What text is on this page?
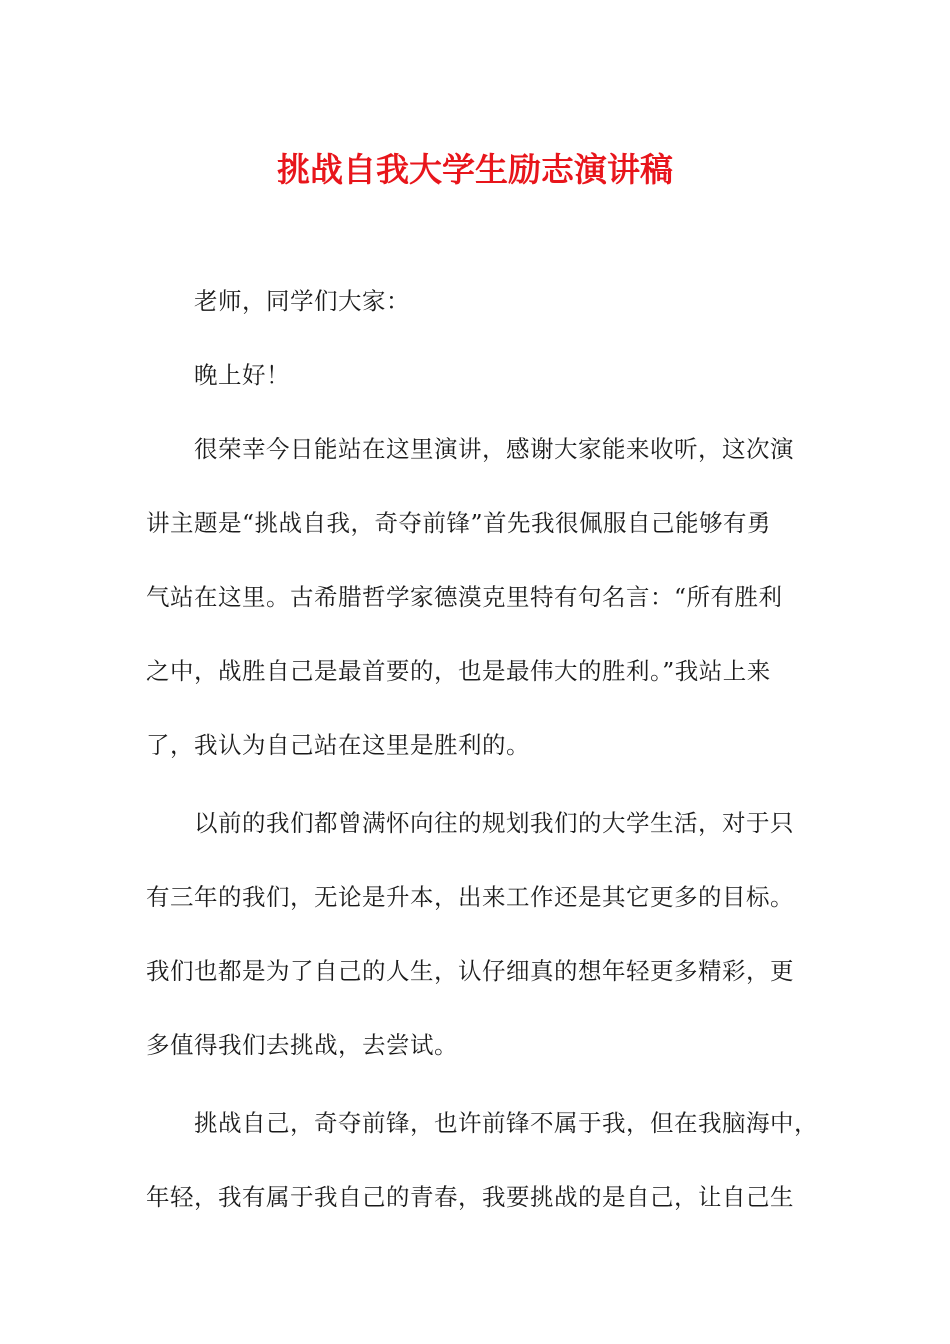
挑战自我大学生励志演讲稿
老师，同学们大家：
晚上好！
很荣幸今日能站在这里演讲，感谢大家能来收听，这次演
讲主题是“挑战自我，奇夺前锋”首先我很佩服自己能够有勇
气站在这里。古希腊哲学家德漠克里特有句名言：“所有胜利
之中，战胜自己是最首要的，也是最伟大的胜利。”我站上来
了，我认为自己站在这里是胜利的。
以前的我们都曾满怀向往的规划我们的大学生活，对于只
有三年的我们，无论是升本，出来工作还是其它更多的目标。
我们也都是为了自己的人生，认仔细真的想年轻更多精彩，更
多值得我们去挑战，去尝试。
挑战自己，奇夺前锋，也许前锋不属于我，但在我脑海中，
年轻，我有属于我自己的青春，我要挑战的是自己，让自己生
